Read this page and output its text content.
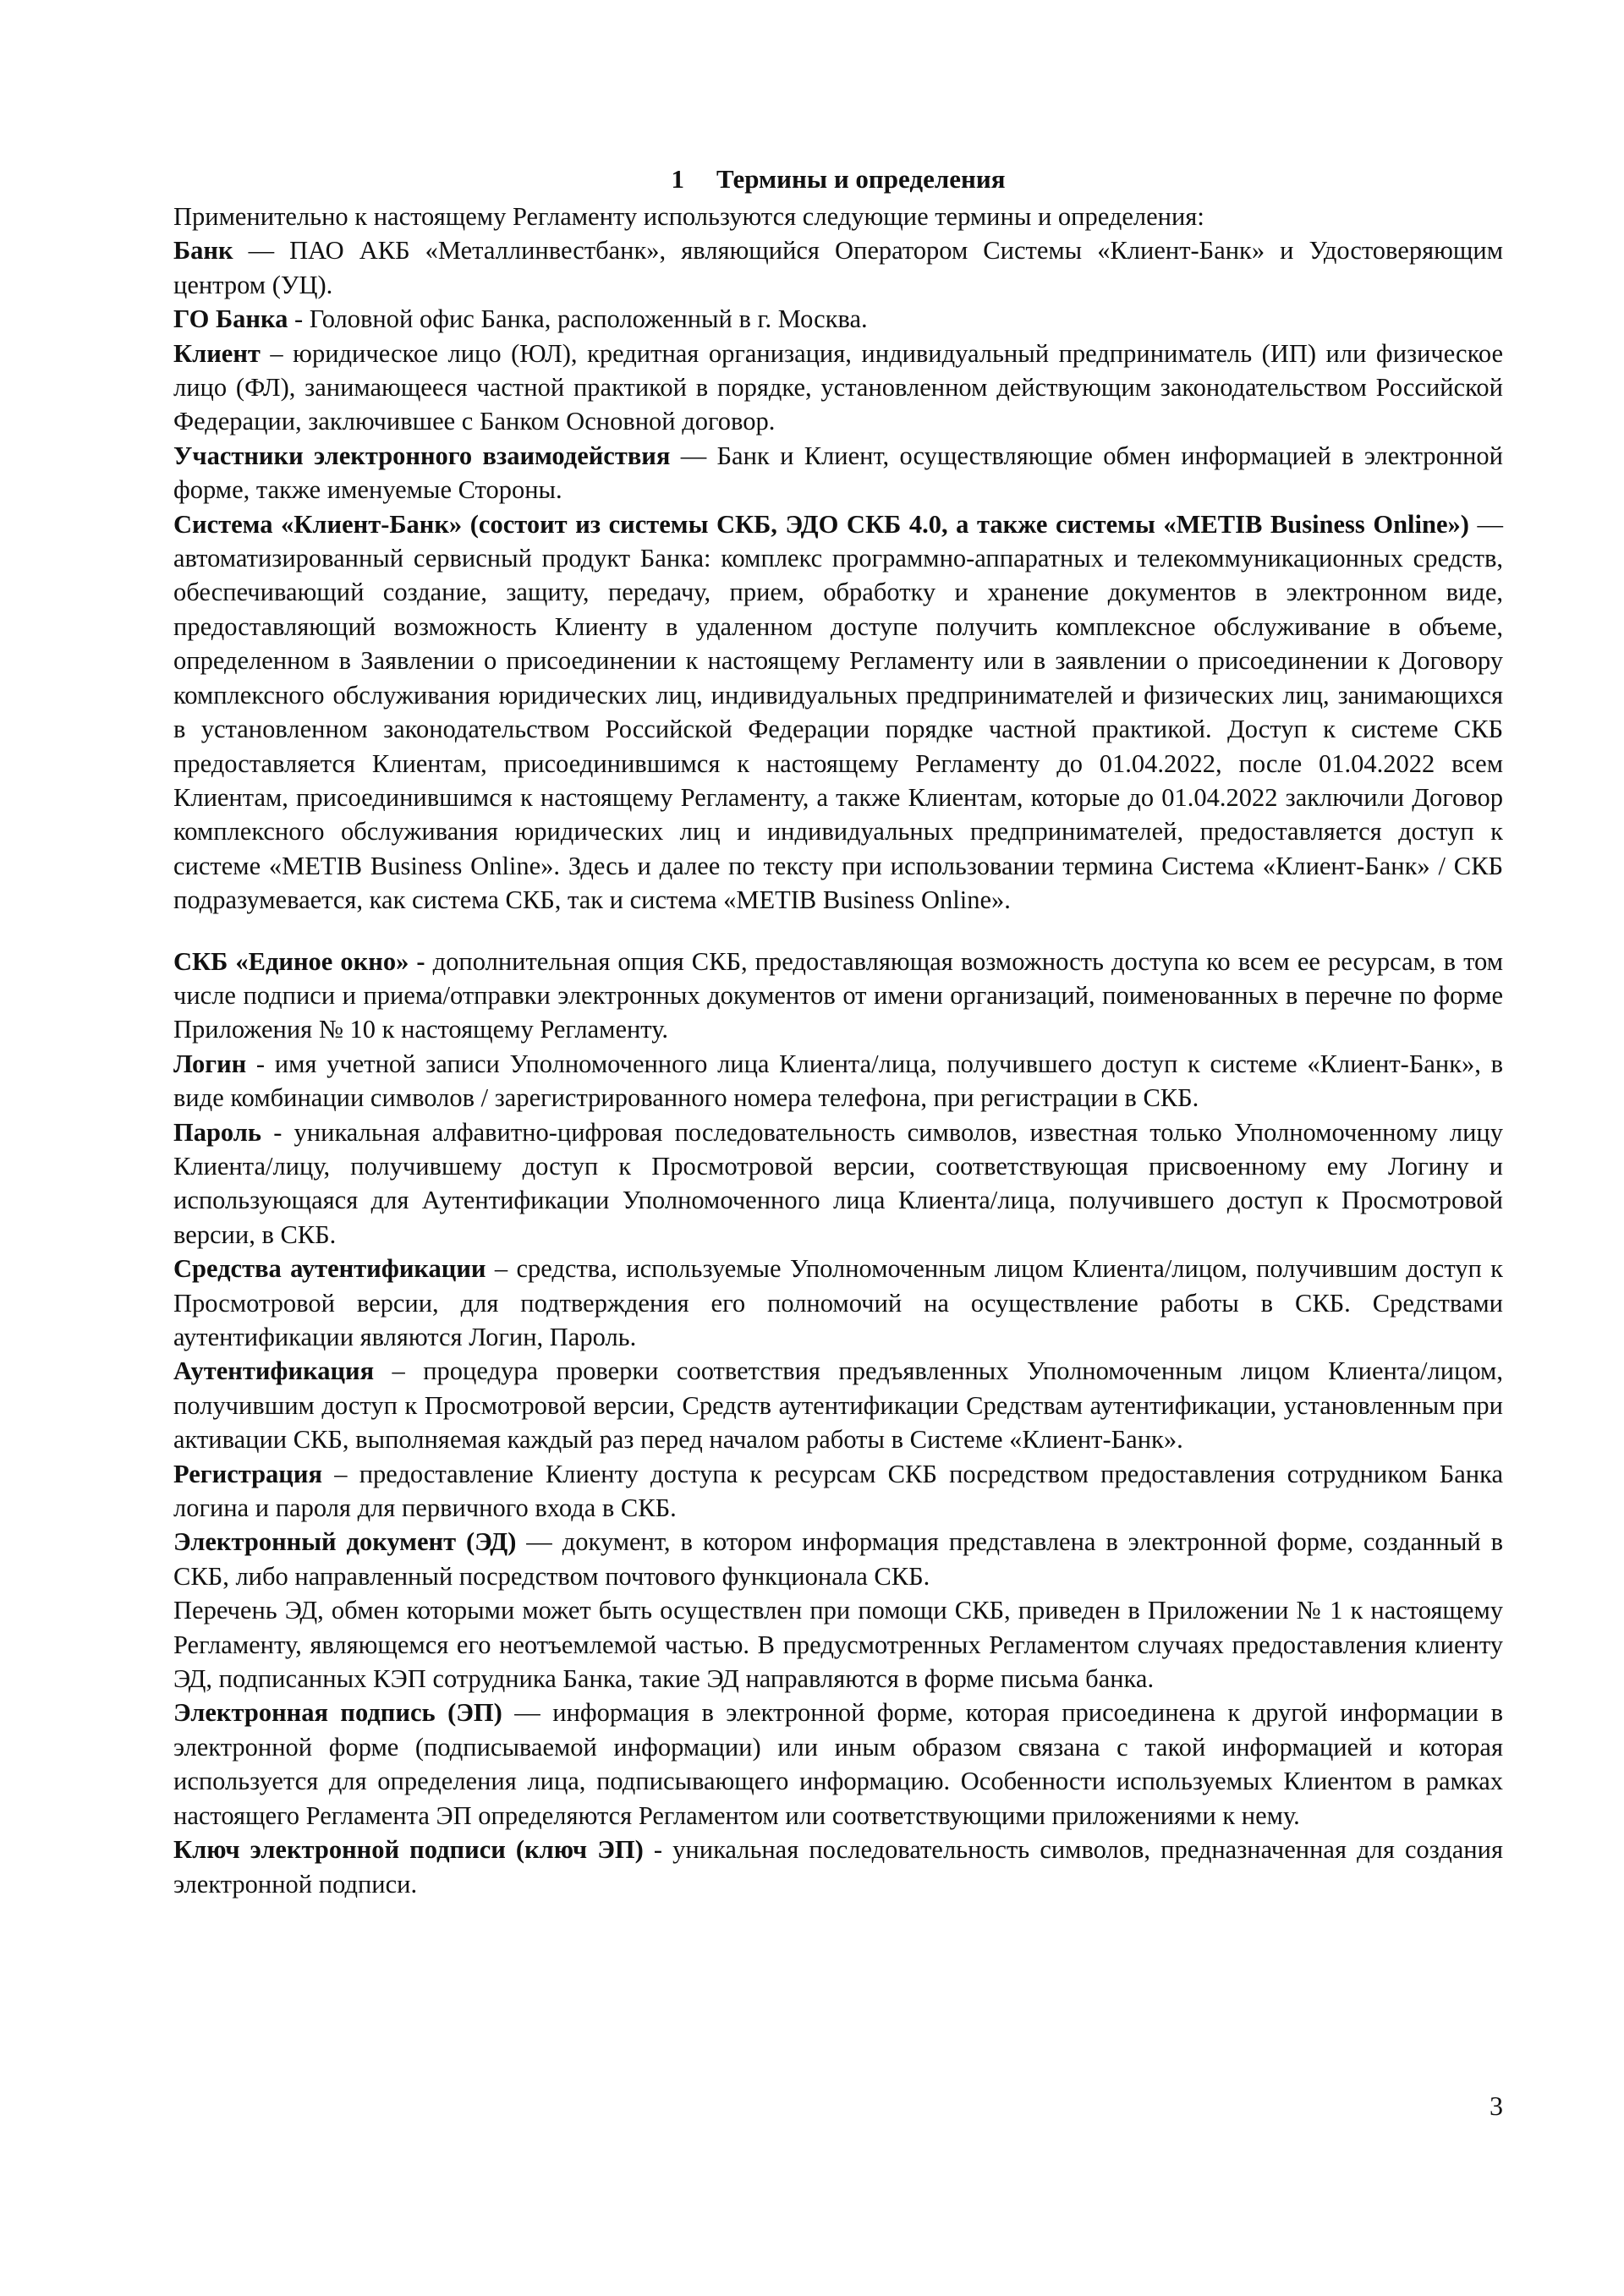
1 Термины и определения

Применительно к настоящему Регламенту используются следующие термины и определения:

Банк — ПАО АКБ «Металлинвестбанк», являющийся Оператором Системы «Клиент-Банк» и Удостоверяющим центром (УЦ).

ГО Банка - Головной офис Банка, расположенный в г. Москва.

Клиент – юридическое лицо (ЮЛ), кредитная организация, индивидуальный предприниматель (ИП) или физическое лицо (ФЛ), занимающееся частной практикой в порядке, установленном действующим законодательством Российской Федерации, заключившее с Банком Основной договор.

Участники электронного взаимодействия — Банк и Клиент, осуществляющие обмен информацией в электронной форме, также именуемые Стороны.

Система «Клиент-Банк» (состоит из системы СКБ, ЭДО СКБ 4.0, а также системы «METIB Business Online») — автоматизированный сервисный продукт Банка: комплекс программно-аппаратных и телекоммуникационных средств, обеспечивающий создание, защиту, передачу, прием, обработку и хранение документов в электронном виде, предоставляющий возможность Клиенту в удаленном доступе получить комплексное обслуживание в объеме, определенном в Заявлении о присоединении к настоящему Регламенту или в заявлении о присоединении к Договору комплексного обслуживания юридических лиц, индивидуальных предпринимателей и физических лиц, занимающихся в установленном законодательством Российской Федерации порядке частной практикой. Доступ к системе СКБ предоставляется Клиентам, присоединившимся к настоящему Регламенту до 01.04.2022, после 01.04.2022 всем Клиентам, присоединившимся к настоящему Регламенту, а также Клиентам, которые до 01.04.2022 заключили Договор комплексного обслуживания юридических лиц и индивидуальных предпринимателей, предоставляется доступ к системе «METIB Business Online». Здесь и далее по тексту при использовании термина Система «Клиент-Банк» / СКБ подразумевается, как система СКБ, так и система «METIB Business Online».

СКБ «Единое окно» - дополнительная опция СКБ, предоставляющая возможность доступа ко всем ее ресурсам, в том числе подписи и приема/отправки электронных документов от имени организаций, поименованных в перечне по форме Приложения № 10 к настоящему Регламенту.

Логин - имя учетной записи Уполномоченного лица Клиента/лица, получившего доступ к системе «Клиент-Банк», в виде комбинации символов / зарегистрированного номера телефона, при регистрации в СКБ.

Пароль - уникальная алфавитно-цифровая последовательность символов, известная только Уполномоченному лицу Клиента/лицу, получившему доступ к Просмотровой версии, соответствующая присвоенному ему Логину и использующаяся для Аутентификации Уполномоченного лица Клиента/лица, получившего доступ к Просмотровой версии, в СКБ.

Средства аутентификации – средства, используемые Уполномоченным лицом Клиента/лицом, получившим доступ к Просмотровой версии, для подтверждения его полномочий на осуществление работы в СКБ. Средствами аутентификации являются Логин, Пароль.

Аутентификация – процедура проверки соответствия предъявленных Уполномоченным лицом Клиента/лицом, получившим доступ к Просмотровой версии, Средств аутентификации Средствам аутентификации, установленным при активации СКБ, выполняемая каждый раз перед началом работы в Системе «Клиент-Банк».

Регистрация – предоставление Клиенту доступа к ресурсам СКБ посредством предоставления сотрудником Банка логина и пароля для первичного входа в СКБ.

Электронный документ (ЭД) — документ, в котором информация представлена в электронной форме, созданный в СКБ, либо направленный посредством почтового функционала СКБ.

Перечень ЭД, обмен которыми может быть осуществлен при помощи СКБ, приведен в Приложении № 1 к настоящему Регламенту, являющемся его неотъемлемой частью. В предусмотренных Регламентом случаях предоставления клиенту ЭД, подписанных КЭП сотрудника Банка, такие ЭД направляются в форме письма банка.

Электронная подпись (ЭП) — информация в электронной форме, которая присоединена к другой информации в электронной форме (подписываемой информации) или иным образом связана с такой информацией и которая используется для определения лица, подписывающего информацию. Особенности используемых Клиентом в рамках настоящего Регламента ЭП определяются Регламентом или соответствующими приложениями к нему.

Ключ электронной подписи (ключ ЭП) - уникальная последовательность символов, предназначенная для создания электронной подписи.

3
